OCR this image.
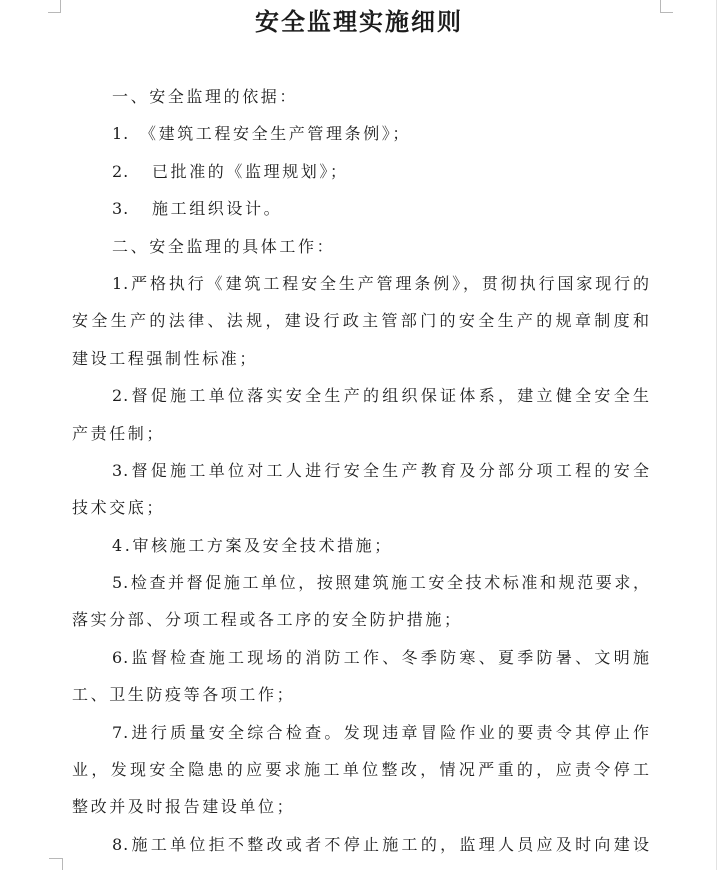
安全监理实施细则
一、安全监理的依据：
1. 《建筑工程安全生产管理条例》；
2. 已批准的《监理规划》；
3. 施工组织设计。
二、安全监理的具体工作：
1.严格执行《建筑工程安全生产管理条例》，贯彻执行国家现行的
安全生产的法律、法规，建设行政主管部门的安全生产的规章制度和
建设工程强制性标准；
2.督促施工单位落实安全生产的组织保证体系，建立健全安全生
产责任制；
3.督促施工单位对工人进行安全生产教育及分部分项工程的安全
技术交底；
4.审核施工方案及安全技术措施；
5.检查并督促施工单位，按照建筑施工安全技术标准和规范要求，
落实分部、分项工程或各工序的安全防护措施；
6.监督检查施工现场的消防工作、冬季防寒、夏季防暑、文明施
工、卫生防疫等各项工作；
7.进行质量安全综合检查。发现违章冒险作业的要责令其停止作
业，发现安全隐患的应要求施工单位整改，情况严重的，应责令停工
整改并及时报告建设单位；
8.施工单位拒不整改或者不停止施工的，监理人员应及时向建设
